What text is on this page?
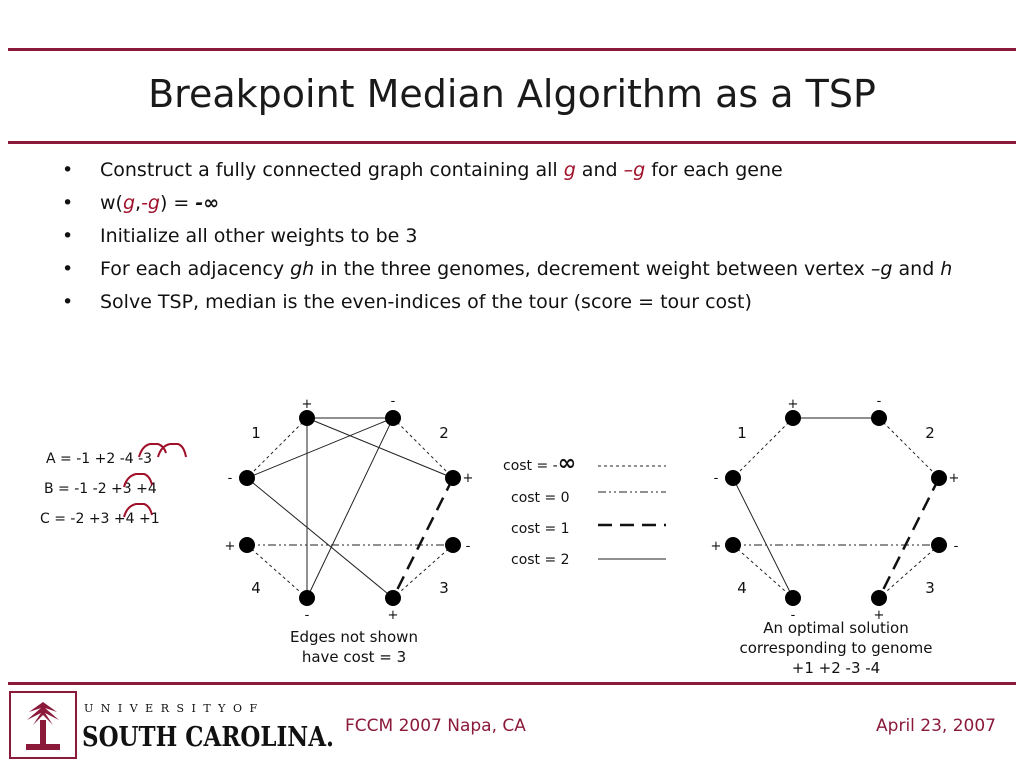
Breakpoint Median Algorithm as a TSP
• Construct a fully connected graph containing all g and –g for each gene
• w(g,-g) = -∞
• Initialize all other weights to be 3
• For each adjacency gh in the three genomes, decrement weight between vertex –g and h
• Solve TSP, median is the even-indices of the tour (score = tour cost)
A = -1 +2 -4 -3
B = -1 -2 +3 +4
C = -2 +3 +4 +1
+	-
+
-
+
-
+
-
1	2
3
4
Edges not shown
have cost = 3
cost = -∞
cost = 0
cost = 1
cost = 2
+	-
+
-
+
-
+
-
1	2
3
4
An optimal solution
corresponding to genome
+1 +2 -3 -4
U N I V E R S I T Y O F
SOUTH CAROLINA. FCCM 2007 Napa, CA	April 23, 2007
